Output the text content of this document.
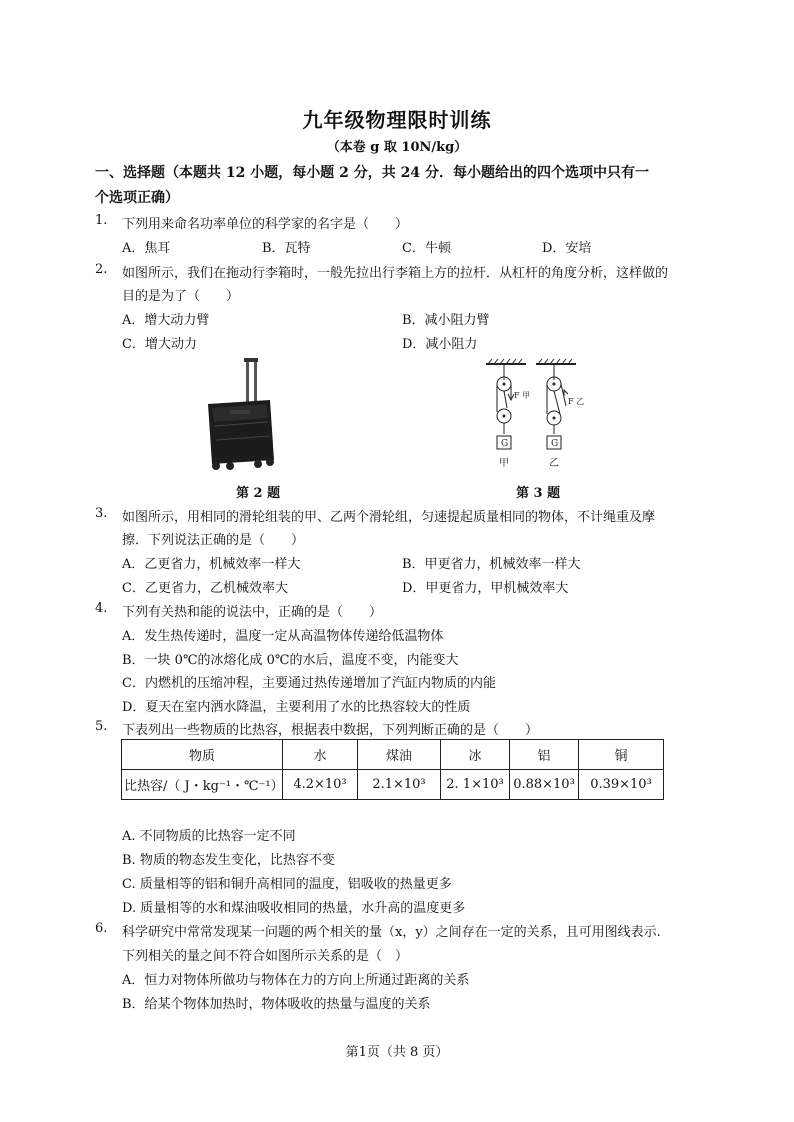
九年级物理限时训练
（本卷 g 取 10N/kg）
一、选择题（本题共 12 小题，每小题 2 分，共 24 分．每小题给出的四个选项中只有一
个选项正确）
1. 下列用来命名功率单位的科学家的名字是（　　）
A．焦耳	B．瓦特	C．牛顿	D．安培
2. 如图所示，我们在拖动行李箱时，一般先拉出行李箱上方的拉杆．从杠杆的角度分析，这样做的
目的是为了（　　）
A．增大动力臂	B．减小阻力臂
C．增大动力	D．减小阻力
第 2 题
F 甲
G
甲
F 乙
G
乙
第 3 题
3. 如图所示，用相同的滑轮组装的甲、乙两个滑轮组，匀速提起质量相同的物体，不计绳重及摩
擦．下列说法正确的是（　　）
A．乙更省力，机械效率一样大	B．甲更省力，机械效率一样大
C．乙更省力，乙机械效率大	D．甲更省力，甲机械效率大
4. 下列有关热和能的说法中，正确的是（　　）
A．发生热传递时，温度一定从高温物体传递给低温物体
B．一块 0℃的冰熔化成 0℃的水后，温度不变，内能变大
C．内燃机的压缩冲程，主要通过热传递增加了汽缸内物质的内能
D．夏天在室内洒水降温，主要利用了水的比热容较大的性质
5. 下表列出一些物质的比热容，根据表中数据，下列判断正确的是（　　）
物质	水	煤油	冰	铝	铜
比热容/（ J・kg⁻¹・℃⁻¹）	4.2×10³	2.1×10³	2. 1×10³	0.88×10³	0.39×10³
A. 不同物质的比热容一定不同
B. 物质的物态发生变化，比热容不变
C. 质量相等的铝和铜升高相同的温度，铝吸收的热量更多
D. 质量相等的水和煤油吸收相同的热量，水升高的温度更多
6. 科学研究中常常发现某一问题的两个相关的量（x，y）之间存在一定的关系，且可用图线表示.
下列相关的量之间不符合如图所示关系的是（　）
A．恒力对物体所做功与物体在力的方向上所通过距离的关系
B．给某个物体加热时，物体吸收的热量与温度的关系
第1页（共 8 页）
